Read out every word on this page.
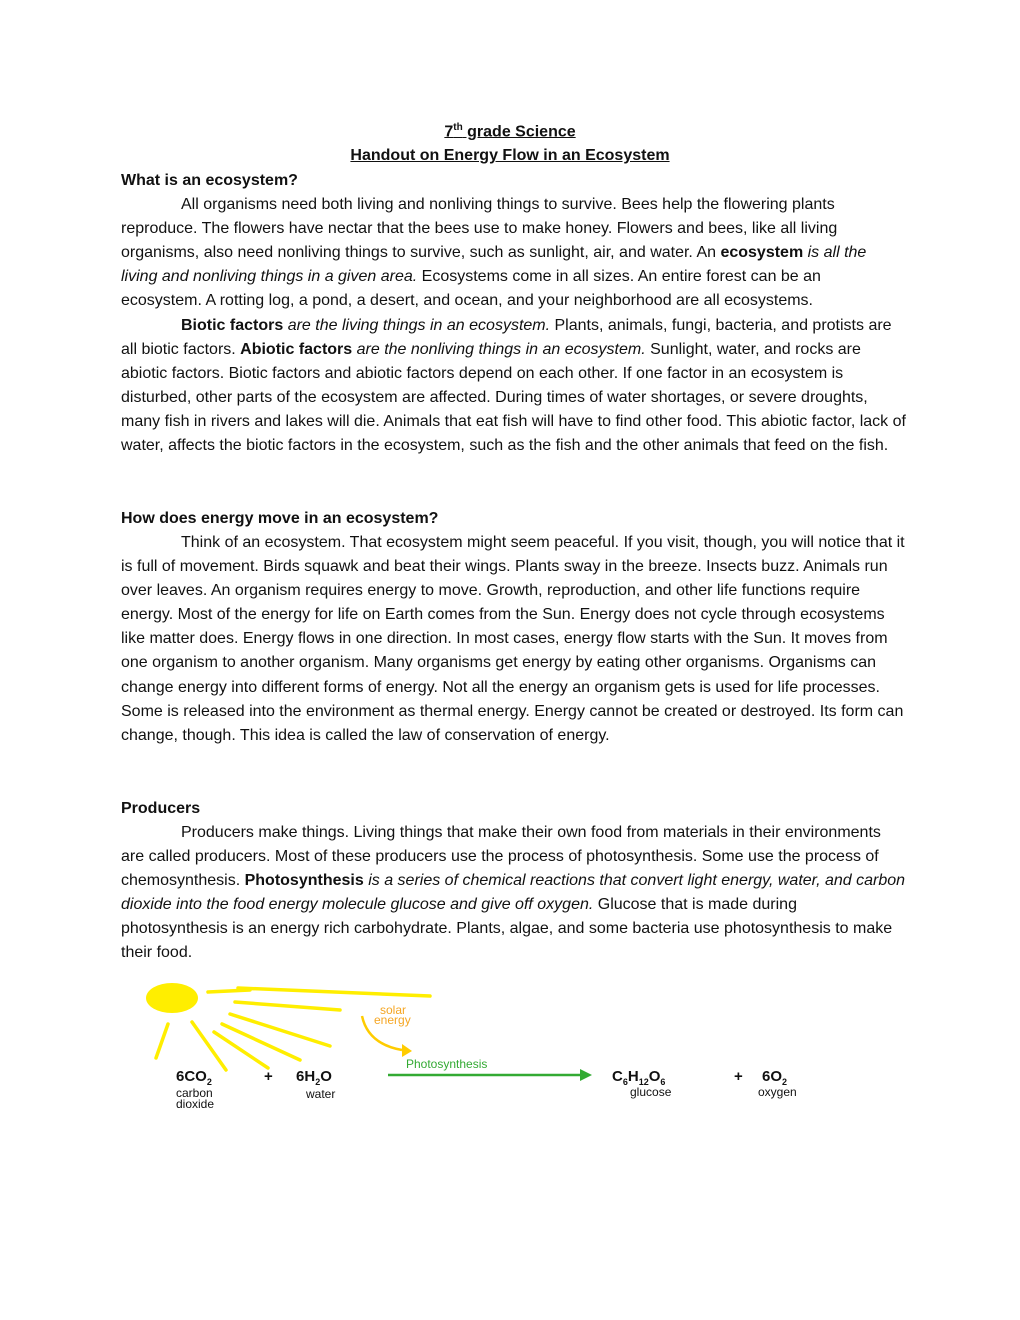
7th grade Science
Handout on Energy Flow in an Ecosystem
What is an ecosystem?
All organisms need both living and nonliving things to survive. Bees help the flowering plants reproduce. The flowers have nectar that the bees use to make honey. Flowers and bees, like all living organisms, also need nonliving things to survive, such as sunlight, air, and water. An ecosystem is all the living and nonliving things in a given area. Ecosystems come in all sizes. An entire forest can be an ecosystem. A rotting log, a pond, a desert, and ocean, and your neighborhood are all ecosystems.
Biotic factors are the living things in an ecosystem. Plants, animals, fungi, bacteria, and protists are all biotic factors. Abiotic factors are the nonliving things in an ecosystem. Sunlight, water, and rocks are abiotic factors. Biotic factors and abiotic factors depend on each other. If one factor in an ecosystem is disturbed, other parts of the ecosystem are affected. During times of water shortages, or severe droughts, many fish in rivers and lakes will die. Animals that eat fish will have to find other food. This abiotic factor, lack of water, affects the biotic factors in the ecosystem, such as the fish and the other animals that feed on the fish.
How does energy move in an ecosystem?
Think of an ecosystem. That ecosystem might seem peaceful. If you visit, though, you will notice that it is full of movement. Birds squawk and beat their wings. Plants sway in the breeze. Insects buzz. Animals run over leaves. An organism requires energy to move. Growth, reproduction, and other life functions require energy. Most of the energy for life on Earth comes from the Sun. Energy does not cycle through ecosystems like matter does. Energy flows in one direction. In most cases, energy flow starts with the Sun. It moves from one organism to another organism. Many organisms get energy by eating other organisms. Organisms can change energy into different forms of energy. Not all the energy an organism gets is used for life processes. Some is released into the environment as thermal energy. Energy cannot be created or destroyed. Its form can change, though. This idea is called the law of conservation of energy.
Producers
Producers make things. Living things that make their own food from materials in their environments are called producers. Most of these producers use the process of photosynthesis. Some use the process of chemosynthesis. Photosynthesis is a series of chemical reactions that convert light energy, water, and carbon dioxide into the food energy molecule glucose and give off oxygen. Glucose that is made during photosynthesis is an energy rich carbohydrate. Plants, algae, and some bacteria use photosynthesis to make their food.
solar
energy
Photosynthesis
$6CO_2$	+ $6H_2O$	$C_6H_{12}O_6$	+ $6O_2$
carbon
dioxide
water	glucose	oxygen
